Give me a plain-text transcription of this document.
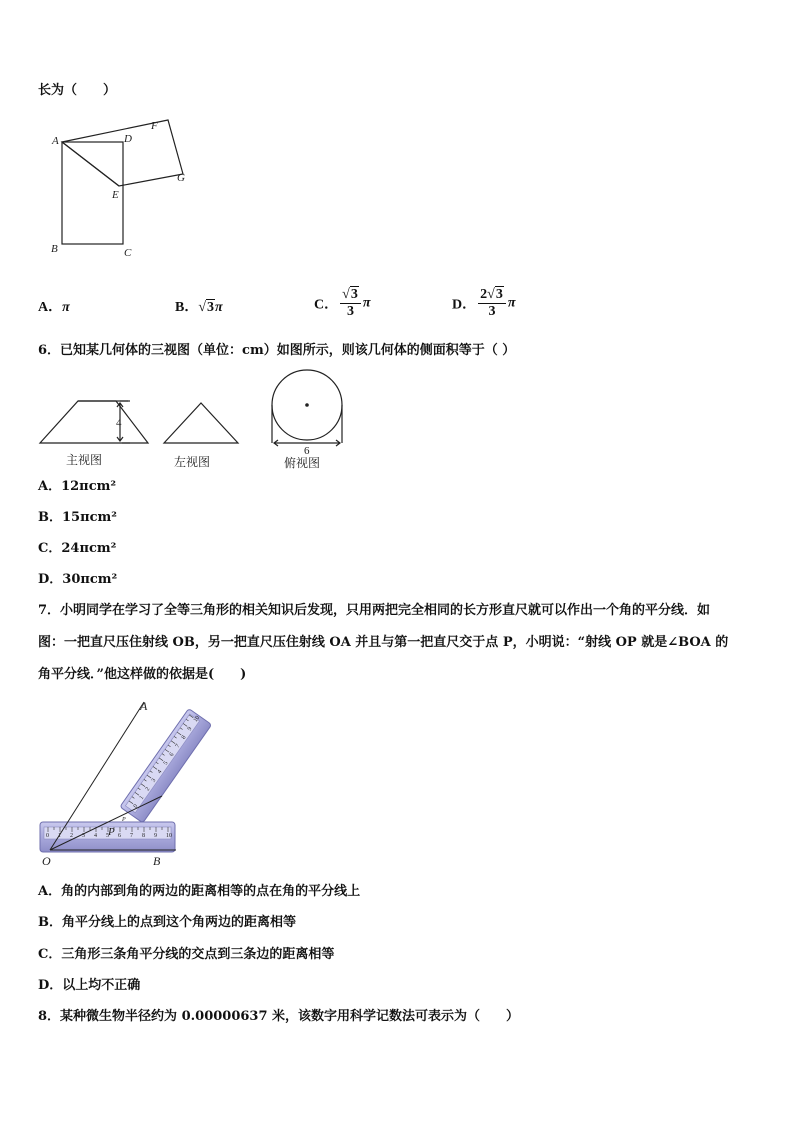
长为（　　）
A	D
F
E
G
B	C
A．π	B．√3π	C． $\frac{√3}{3}$ π	D． $\frac{2√3}{3}$ π
6．已知某几何体的三视图（单位：cm）如图所示，则该几何体的侧面积等于（ ）
4
6
主视图	左视图	俯视图
A．12πcm²
B．15πcm²
C．24πcm²
D．30πcm²
7．小明同学在学习了全等三角形的相关知识后发现，只用两把完全相同的长方形直尺就可以作出一个角的平分线．如
图：一把直尺压住射线 OB，另一把直尺压住射线 OA 并且与第一把直尺交于点 P，小明说：“射线 OP 就是∠BOA 的
角平分线．”他这样做的依据是(　　)
0 1 2 3 4 5 6 7 8 9 10
0
1
2
3
4
5
6
7
8
9
10
A
O	B
P
P
A．角的内部到角的两边的距离相等的点在角的平分线上
B．角平分线上的点到这个角两边的距离相等
C．三角形三条角平分线的交点到三条边的距离相等
D．以上均不正确
8．某种微生物半径约为 0.00000637 米，该数字用科学记数法可表示为（　　）
